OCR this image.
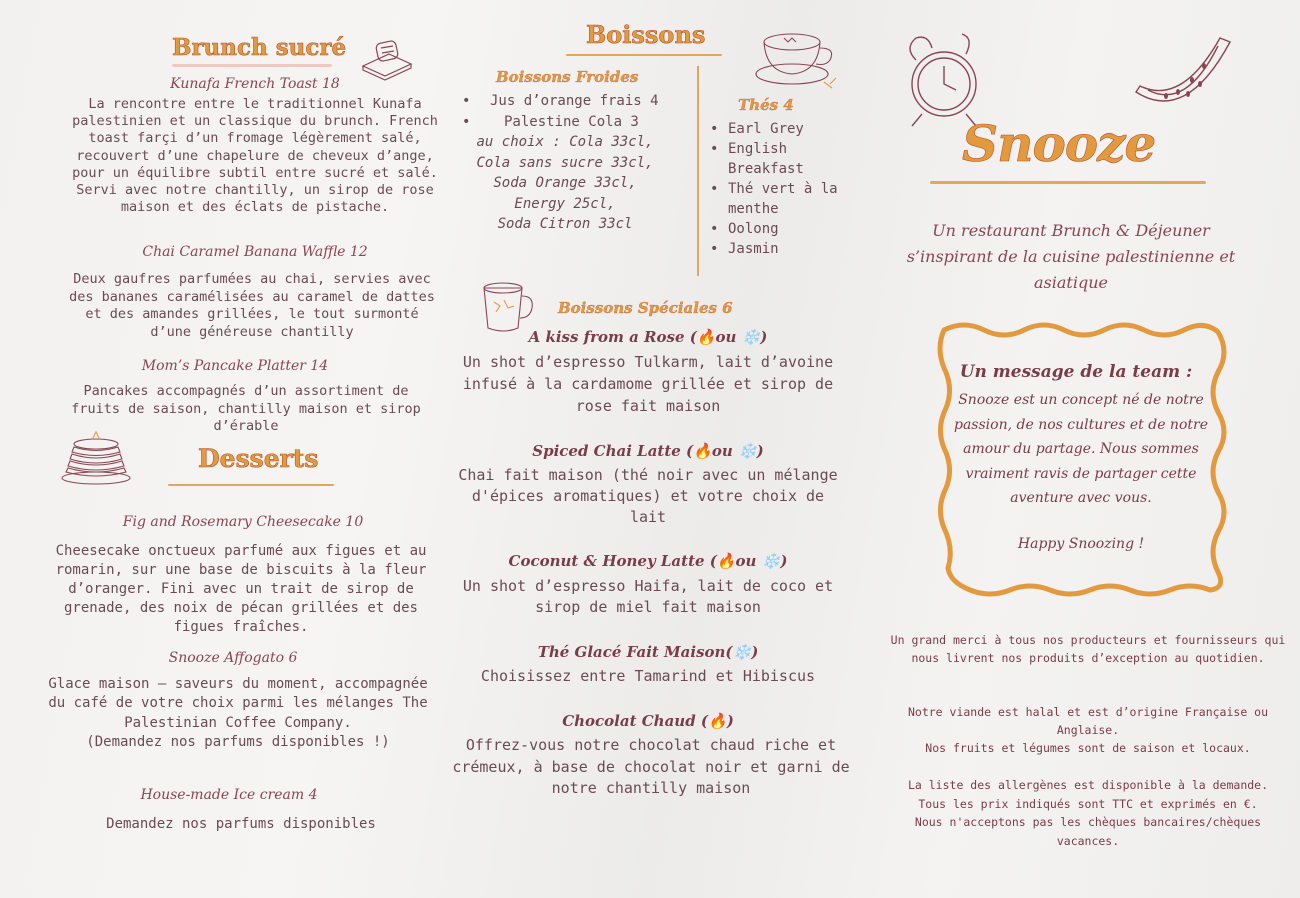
Brunch sucré
Kunafa French Toast 18
La rencontre entre le traditionnel Kunafa palestinien et un classique du brunch. French toast farçi d’un fromage légèrement salé, recouvert d’une chapelure de cheveux d’ange, pour un équilibre subtil entre sucré et salé.
Servi avec notre chantilly, un sirop de rose maison et des éclats de pistache.
Chai Caramel Banana Waffle 12
Deux gaufres parfumées au chai, servies avec des bananes caramélisées au caramel de dattes et des amandes grillées, le tout surmonté d’une généreuse chantilly
Mom’s Pancake Platter 14
Pancakes accompagnés d’un assortiment de fruits de saison, chantilly maison et sirop d’érable
Desserts
Fig and Rosemary Cheesecake 10
Cheesecake onctueux parfumé aux figues et au romarin, sur une base de biscuits à la fleur d’oranger. Fini avec un trait de sirop de grenade, des noix de pécan grillées et des figues fraîches.
Snooze Affogato 6
Glace maison – saveurs du moment, accompagnée du café de votre choix parmi les mélanges The Palestinian Coffee Company.
(Demandez nos parfums disponibles !)
House-made Ice cream 4
Demandez nos parfums disponibles
Boissons
Boissons Froides
• Jus d’orange frais 4
• Palestine Cola 3
au choix : Cola 33cl,
Cola sans sucre 33cl,
Soda Orange 33cl,
Energy 25cl,
Soda Citron 33cl
Thés 4
• Earl Grey
• English Breakfast
• Thé vert à la menthe
• Oolong
• Jasmin
Boissons Spéciales 6
A kiss from a Rose (🔥ou ❄️)
Un shot d’espresso Tulkarm, lait d’avoine infusé à la cardamome grillée et sirop de rose fait maison
Spiced Chai Latte (🔥ou ❄️)
Chai fait maison (thé noir avec un mélange d'épices aromatiques) et votre choix de lait
Coconut & Honey Latte (🔥ou ❄️)
Un shot d’espresso Haifa, lait de coco et sirop de miel fait maison
Thé Glacé Fait Maison(❄️)
Choisissez entre Tamarind et Hibiscus
Chocolat Chaud (🔥)
Offrez-vous notre chocolat chaud riche et crémeux, à base de chocolat noir et garni de notre chantilly maison
Snooze
Un restaurant Brunch & Déjeuner s’inspirant de la cuisine palestinienne et asiatique
Un message de la team :
Snooze est un concept né de notre passion, de nos cultures et de notre amour du partage. Nous sommes vraiment ravis de partager cette aventure avec vous.
Happy Snoozing !
Un grand merci à tous nos producteurs et fournisseurs qui nous livrent nos produits d’exception au quotidien.
Notre viande est halal et est d’origine Française ou Anglaise.
Nos fruits et légumes sont de saison et locaux.
La liste des allergènes est disponible à la demande.
Tous les prix indiqués sont TTC et exprimés en €.
Nous n'acceptons pas les chèques bancaires/chèques vacances.
